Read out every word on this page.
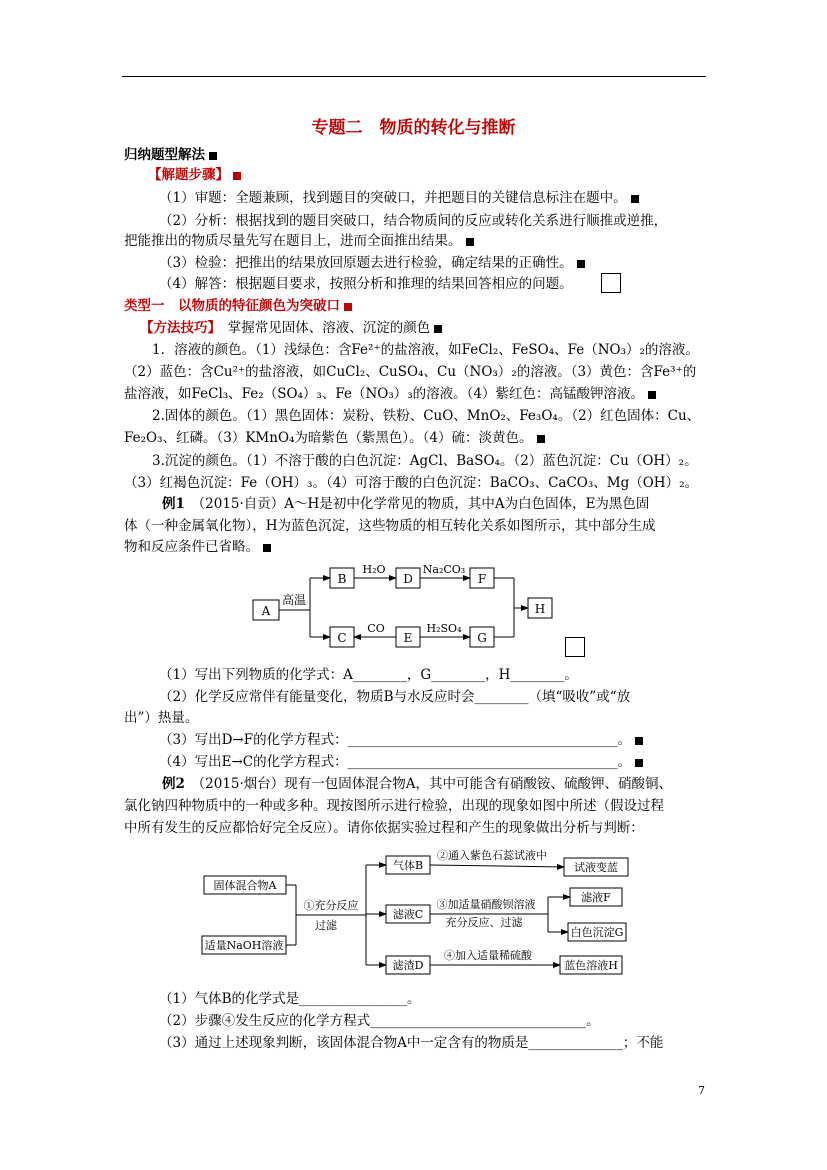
专题二　物质的转化与推断
归纳题型解法
【解题步骤】
（1）审题：全题兼顾，找到题目的突破口，并把题目的关键信息标注在题中。
（2）分析：根据找到的题目突破口，结合物质间的反应或转化关系进行顺推或逆推，
把能推出的物质尽量先写在题目上，进而全面推出结果。
（3）检验：把推出的结果放回原题去进行检验，确定结果的正确性。
（4）解答：根据题目要求，按照分析和推理的结果回答相应的问题。
类型一　以物质的特征颜色为突破口
【方法技巧】　 掌握常见固体、溶液、沉淀的颜色
1．溶液的颜色。（1）浅绿色：含Fe²⁺的盐溶液，如FeCl₂、FeSO₄、Fe（NO₃）₂的溶液。
（2）蓝色：含Cu²⁺的盐溶液，如CuCl₂、CuSO₄、Cu（NO₃）₂的溶液。（3）黄色：含Fe³⁺的
盐溶液，如FeCl₃、Fe₂（SO₄）₃、Fe（NO₃）₃的溶液。（4）紫红色：高锰酸钾溶液。
2.固体的颜色。（1）黑色固体：炭粉、铁粉、CuO、MnO₂、Fe₃O₄。（2）红色固体：Cu、
Fe₂O₃、红磷。（3）KMnO₄为暗紫色（紫黑色）。（4）硫：淡黄色。
3.沉淀的颜色。（1）不溶于酸的白色沉淀：AgCl、BaSO₄。（2）蓝色沉淀：Cu（OH）₂。
（3）红褐色沉淀：Fe（OH）₃。（4）可溶于酸的白色沉淀：BaCO₃、CaCO₃、Mg（OH）₂。
例1　 （2015·自贡）A～H是初中化学常见的物质，其中A为白色固体，E为黑色固
体（一种金属氧化物），H为蓝色沉淀，这些物质的相互转化关系如图所示，其中部分生成
物和反应条件已省略。
A
B
C
D
E
F
G
H
高温
H₂O	Na₂CO₃
CO	H₂SO₄
（1）写出下列物质的化学式：A________，G________，H________。
（2）化学反应常伴有能量变化，物质B与水反应时会________（填“吸收”或“放
出”）热量。
（3）写出D→F的化学方程式：________________________________________。
（4）写出E→C的化学方程式：________________________________________。
例2　 （2015·烟台）现有一包固体混合物A，其中可能含有硝酸铵、硫酸钾、硝酸铜、
氯化钠四种物质中的一种或多种。现按图所示进行检验，出现的现象如图中所述（假设过程
中所有发生的反应都恰好完全反应）。请你依据实验过程和产生的现象做出分析与判断：
固体混合物A
适量NaOH溶液
①充分反应
过滤
气体B
滤液C
滤渣D
②通入紫色石蕊试液中
③加适量硝酸钡溶液
充分反应、过滤
④加入适量稀硫酸
试液变蓝
滤液F
白色沉淀G
蓝色溶液H
（1）气体B的化学式是________________。
（2）步骤④发生反应的化学方程式________________________________。
（3）通过上述现象判断，该固体混合物A中一定含有的物质是______________；不能
7
